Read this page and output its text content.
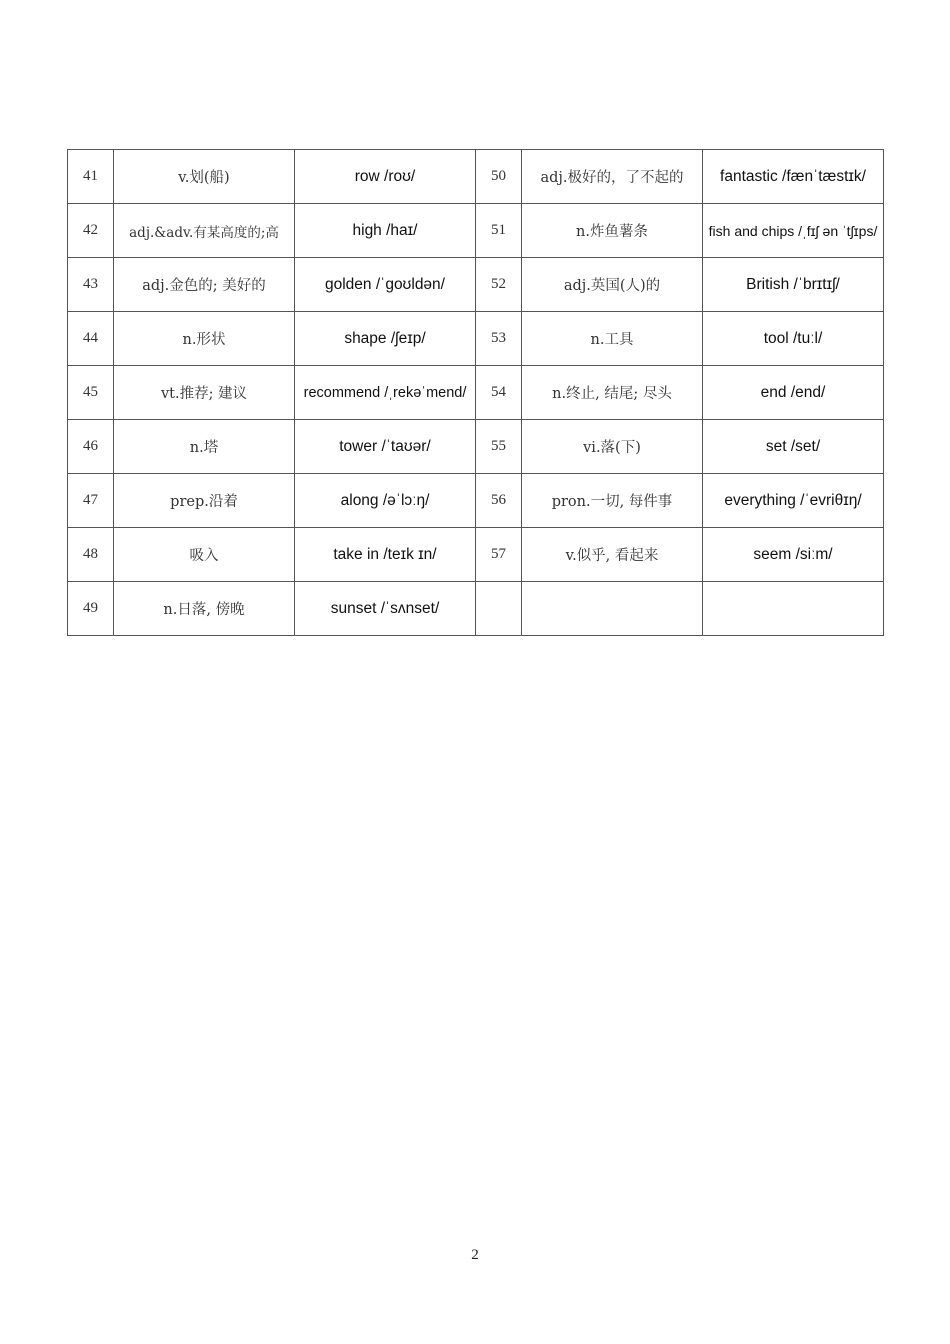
41	v.划(船)	row /roʊ/	50	adj.极好的，了不起的	fantastic /fænˈtæstɪk/
42	adj.&adv.有某高度的;高	high /haɪ/	51	n.炸鱼薯条	fish and chips /ˌfɪʃ ən ˈtʃɪps/
43	adj.金色的; 美好的	golden /ˈɡoʊldən/	52	adj.英国(人)的	British /ˈbrɪtɪʃ/
44	n.形状	shape /ʃeɪp/	53	n.工具	tool /tuːl/
45	vt.推荐; 建议	recommend /ˌrekəˈmend/	54	n.终止, 结尾; 尽头	end /end/
46	n.塔	tower /ˈtaʊər/	55	vi.落(下)	set /set/
47	prep.沿着	along /əˈlɔːŋ/	56	pron.一切, 每件事	everything /ˈevriθɪŋ/
48	吸入	take in /teɪk ɪn/	57	v.似乎, 看起来	seem /siːm/
49	n.日落, 傍晚	sunset /ˈsʌnset/			
2
